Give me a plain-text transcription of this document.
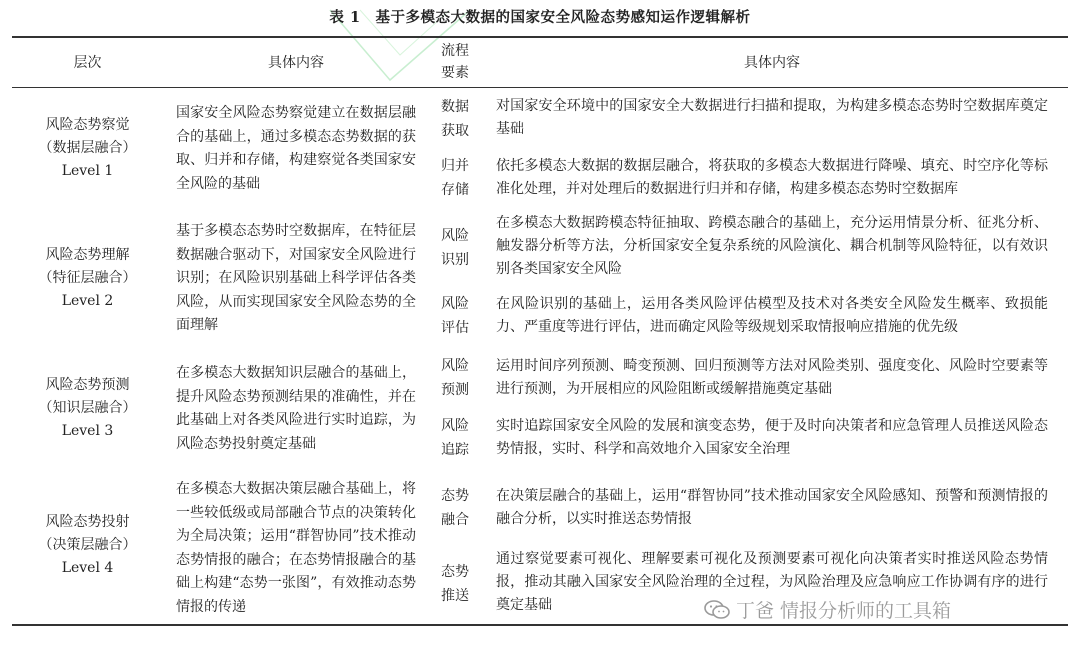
表 1　基于多模态大数据的国家安全风险态势感知运作逻辑解析
层次	具体内容
流程
要素
具体内容
风险态势察觉
（数据层融合）
Level 1
国家安全风险态势察觉建立在数据层融合的基础上，通过多模态态势数据的获取、归并和存储，构建察觉各类国家安全风险的基础
数据
获取
对国家安全环境中的国家安全大数据进行扫描和提取，为构建多模态态势时空数据库奠定基础
归并
存储
依托多模态大数据的数据层融合，将获取的多模态大数据进行降噪、填充、时空序化等标准化处理，并对处理后的数据进行归并和存储，构建多模态态势时空数据库
风险态势理解
（特征层融合）
Level 2
基于多模态态势时空数据库，在特征层数据融合驱动下，对国家安全风险进行识别；在风险识别基础上科学评估各类风险，从而实现国家安全风险态势的全面理解
风险
识别
在多模态大数据跨模态特征抽取、跨模态融合的基础上，充分运用情景分析、征兆分析、触发器分析等方法，分析国家安全复杂系统的风险演化、耦合机制等风险特征，以有效识别各类国家安全风险
风险
评估
在风险识别的基础上，运用各类风险评估模型及技术对各类安全风险发生概率、致损能力、严重度等进行评估，进而确定风险等级规划采取情报响应措施的优先级
风险态势预测
（知识层融合）
Level 3
在多模态大数据知识层融合的基础上，提升风险态势预测结果的准确性，并在此基础上对各类风险进行实时追踪，为风险态势投射奠定基础
风险
预测
运用时间序列预测、畸变预测、回归预测等方法对风险类别、强度变化、风险时空要素等进行预测，为开展相应的风险阻断或缓解措施奠定基础
风险
追踪
实时追踪国家安全风险的发展和演变态势，便于及时向决策者和应急管理人员推送风险态势情报，实时、科学和高效地介入国家安全治理
风险态势投射
（决策层融合）
Level 4
在多模态大数据决策层融合基础上，将一些较低级或局部融合节点的决策转化为全局决策；运用“群智协同”技术推动态势情报的融合；在态势情报融合的基础上构建“态势一张图”，有效推动态势情报的传递
态势
融合
在决策层融合的基础上，运用“群智协同”技术推动国家安全风险感知、预警和预测情报的融合分析，以实时推送态势情报
态势
推送
通过察觉要素可视化、理解要素可视化及预测要素可视化向决策者实时推送风险态势情报，推动其融入国家安全风险治理的全过程，为风险治理及应急响应工作协调有序的进行奠定基础	丁爸 情报分析师的工具箱
